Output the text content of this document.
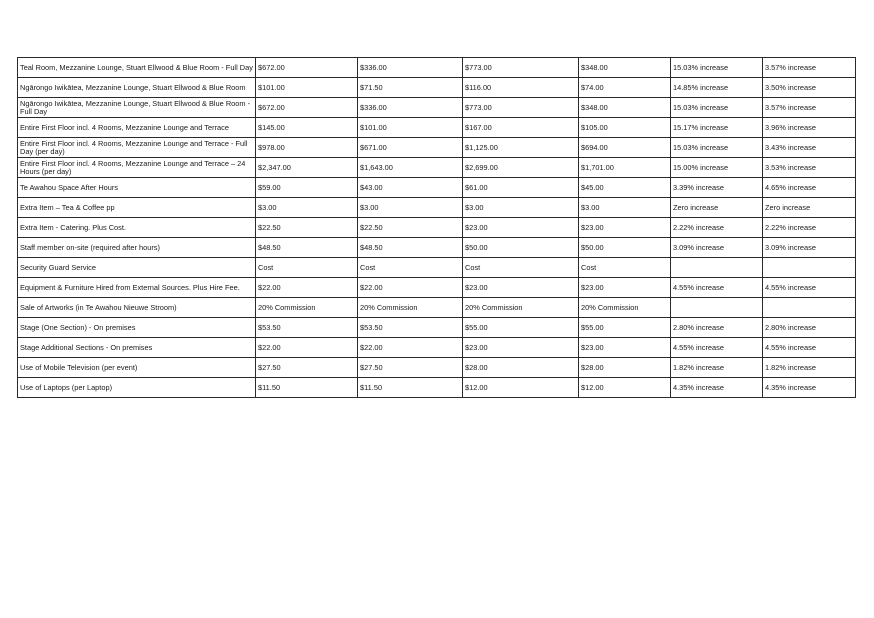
Teal Room, Mezzanine Lounge, Stuart Ellwood & Blue Room - Full Day	$672.00	$336.00	$773.00	$348.00	15.03% increase	3.57% increase
Ngārongo Iwikātea, Mezzanine Lounge, Stuart Ellwood & Blue Room	$101.00	$71.50	$116.00	$74.00	14.85% increase	3.50% increase
Ngārongo Iwikātea, Mezzanine Lounge, Stuart Ellwood & Blue Room - Full Day	$672.00	$336.00	$773.00	$348.00	15.03% increase	3.57% increase
Entire First Floor incl. 4 Rooms, Mezzanine Lounge and Terrace	$145.00	$101.00	$167.00	$105.00	15.17% increase	3.96% increase
Entire First Floor incl. 4 Rooms, Mezzanine Lounge and Terrace - Full Day (per day)	$978.00	$671.00	$1,125.00	$694.00	15.03% increase	3.43% increase
Entire First Floor incl. 4 Rooms, Mezzanine Lounge and Terrace – 24 Hours (per day)	$2,347.00	$1,643.00	$2,699.00	$1,701.00	15.00% increase	3.53% increase
Te Awahou Space After Hours	$59.00	$43.00	$61.00	$45.00	3.39% increase	4.65% increase
Extra Item – Tea & Coffee pp	$3.00	$3.00	$3.00	$3.00	Zero increase	Zero increase
Extra Item - Catering. Plus Cost.	$22.50	$22.50	$23.00	$23.00	2.22% increase	2.22% increase
Staff member on-site (required after hours)	$48.50	$48.50	$50.00	$50.00	3.09% increase	3.09% increase
Security Guard Service	Cost	Cost	Cost	Cost		
Equipment & Furniture Hired from External Sources. Plus Hire Fee.	$22.00	$22.00	$23.00	$23.00	4.55% increase	4.55% increase
Sale of Artworks (in Te Awahou Nieuwe Stroom)	20% Commission	20% Commission	20% Commission	20% Commission		
Stage (One Section) - On premises	$53.50	$53.50	$55.00	$55.00	2.80% increase	2.80% increase
Stage Additional Sections - On premises	$22.00	$22.00	$23.00	$23.00	4.55% increase	4.55% increase
Use of Mobile Television (per event)	$27.50	$27.50	$28.00	$28.00	1.82% increase	1.82% increase
Use of Laptops (per Laptop)	$11.50	$11.50	$12.00	$12.00	4.35% increase	4.35% increase
